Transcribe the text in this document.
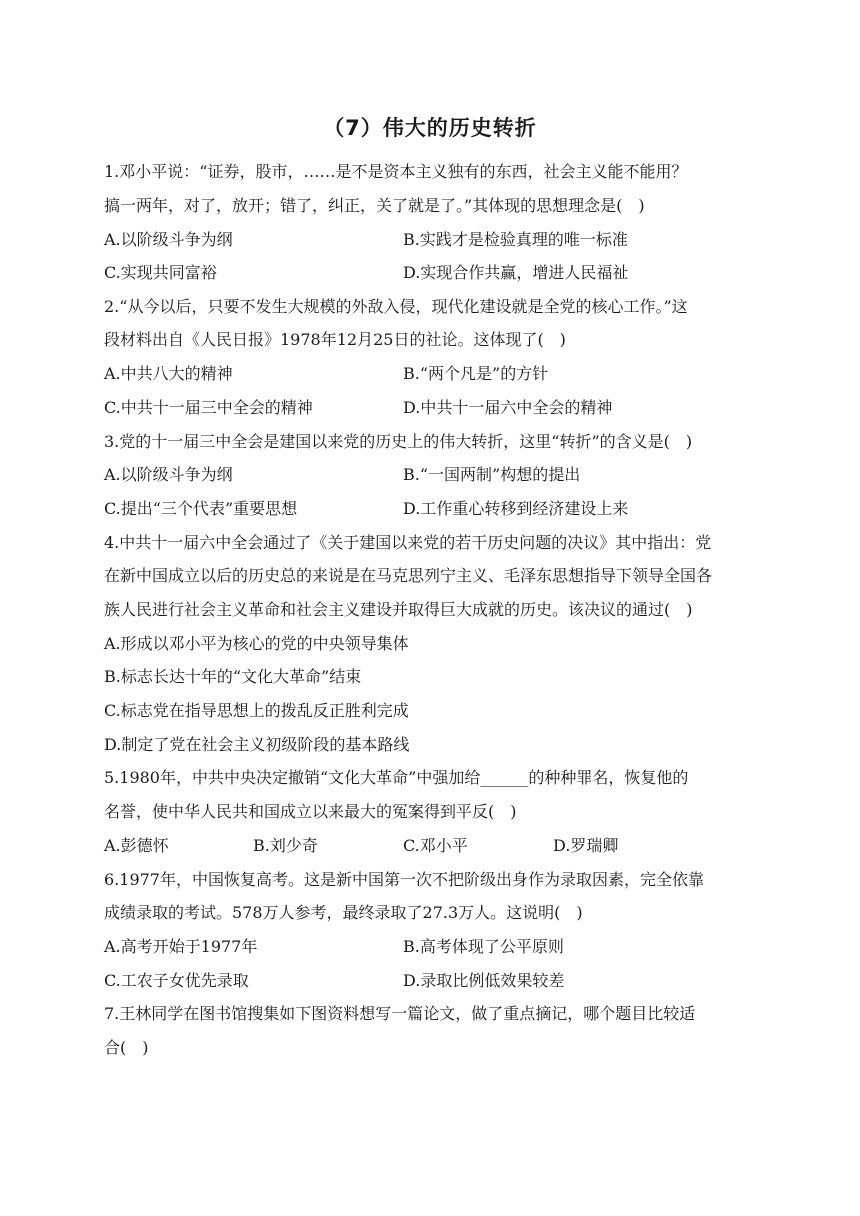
（7）伟大的历史转折
1.邓小平说：“证券，股市，……是不是资本主义独有的东西，社会主义能不能用？
搞一两年，对了，放开；错了，纠正，关了就是了。”其体现的思想理念是(　)
A.以阶级斗争为纲	B.实践才是检验真理的唯一标准
C.实现共同富裕	D.实现合作共赢，增进人民福祉
2.“从今以后，只要不发生大规模的外敌入侵，现代化建设就是全党的核心工作。”这
段材料出自《人民日报》1978年12月25日的社论。这体现了(　)
A.中共八大的精神	B.“两个凡是”的方针
C.中共十一届三中全会的精神	D.中共十一届六中全会的精神
3.党的十一届三中全会是建国以来党的历史上的伟大转折，这里“转折”的含义是(　)
A.以阶级斗争为纲	B.“一国两制”构想的提出
C.提出“三个代表”重要思想	D.工作重心转移到经济建设上来
4.中共十一届六中全会通过了《关于建国以来党的若干历史问题的决议》其中指出：党
在新中国成立以后的历史总的来说是在马克思列宁主义、毛泽东思想指导下领导全国各
族人民进行社会主义革命和社会主义建设并取得巨大成就的历史。该决议的通过(　)
A.形成以邓小平为核心的党的中央领导集体
B.标志长达十年的“文化大革命”结束
C.标志党在指导思想上的拨乱反正胜利完成
D.制定了党在社会主义初级阶段的基本路线
5.1980年，中共中央决定撤销“文化大革命”中强加给______的种种罪名，恢复他的
名誉，使中华人民共和国成立以来最大的冤案得到平反(　)
A.彭德怀	B.刘少奇	C.邓小平	D.罗瑞卿
6.1977年，中国恢复高考。这是新中国第一次不把阶级出身作为录取因素，完全依靠
成绩录取的考试。578万人参考，最终录取了27.3万人。这说明(　)
A.高考开始于1977年	B.高考体现了公平原则
C.工农子女优先录取	D.录取比例低效果较差
7.王林同学在图书馆搜集如下图资料想写一篇论文，做了重点摘记，哪个题目比较适
合(　)
